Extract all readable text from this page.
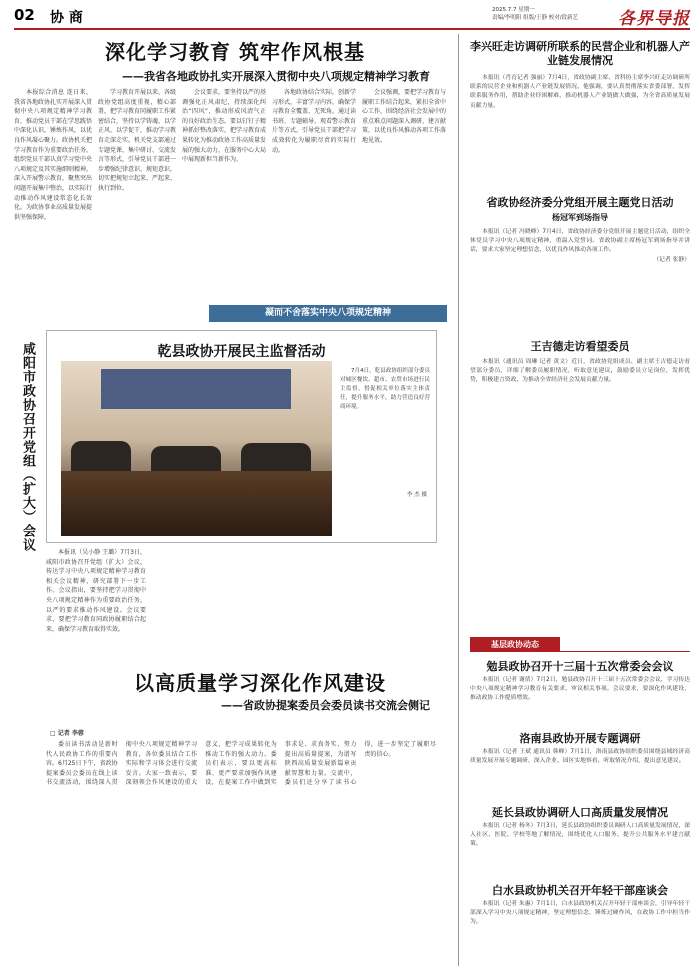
02 协 商	2025.7.7 星期一
责编/李明阳 组版/王静 校对/段新艺 各界导报
深化学习教育 筑牢作风根基
——我省各地政协扎实开展深入贯彻中央八项规定精神学习教育

本报综合消息 连日来，我省各地政协扎实开展深入贯彻中央八项规定精神学习教育，推动党员干部在学思践悟中深化认识，锤炼作风，以优良作风凝心聚力。政协机关把学习教育作为重要政治任务，组织党员干部认真学习党中央八项规定及其实施细则精神，深入开展警示教育，聚焦突出问题开展集中整治，以实际行动推动作风建设常态化长效化，为政协事业高质量发展提供坚强保障。

学习教育开展以来，各级政协党组高度重视，精心部署，把学习教育同履职工作紧密结合，坚持以学铸魂、以学正风、以学促干，推动学习教育走深走实。机关党支部通过专题党课、集中研讨、交流发言等形式，引导党员干部进一步增强纪律意识、规矩意识，切实把规矩立起来、严起来、执行到位。

会议要求，要坚持以严的基调强化正风肃纪，持续深化纠治“四风”，推动形成风清气正的良好政治生态。要以钉钉子精神抓好整改落实，把学习教育成果转化为推动政协工作高质量发展的强大动力，在服务中心大局中展现新担当新作为。

各地政协结合实际，创新学习形式，丰富学习内容，确保学习教育全覆盖、无死角。通过读书班、专题辅导、观看警示教育片等方式，引导党员干部把学习成效转化为履职尽责的实际行动。

会议强调，要把学习教育与履职工作结合起来，紧扣全省中心工作，围绕经济社会发展中的重点难点问题深入调研、建言献策，以优良作风推动各项工作落地见效。

凝而不舍落实中央八项规定精神
咸阳市政协召开党组（扩大）会议	乾县政协开展民主监督活动

7月4日，乾县政协组织部分委员对城区餐饮、超市、农贸市场进行民主监督，督促相关单位落实主体责任，提升服务水平，助力营造良好营商环境。

李 杰 摄

本报讯（吴小静 王璐）7月3日，咸阳市政协召开党组（扩大）会议，传达学习中央八项规定精神学习教育相关会议精神，研究部署下一步工作。会议指出，要坚持把学习贯彻中央八项规定精神作为重要政治任务，以严的要求推动作风建设。会议要求，要把学习教育同政协履职结合起来，确保学习教育取得实效。

以高质量学习深化作风建设
——省政协提案委员会委员读书交流会侧记
□ 记者 李蓉

委员读书活动是新时代人民政协工作的重要内容。6月25日下午，省政协提案委员会委员在线上读书交流活动，围绕深入贯彻中央八项规定精神学习教育，各位委员结合工作实际和学习体会进行交流发言。大家一致表示，要深刻领会作风建设的重大意义，把学习成果转化为推动工作的强大动力。委员们表示，要以更高标准、更严要求加强作风建设，在提案工作中做到实事求是、求真务实，努力提出高质量提案，为谱写陕西高质量发展新篇章贡献智慧和力量。交流中，委员们还分享了读书心得，进一步坚定了履职尽责的信心。

李兴旺走访调研所联系的民营企业和机器人产业链发展情况

本报讯（肖育记者 强丽）7月4日，省政协副主席、省科协主席李兴旺走访调研所联系的民营企业和机器人产业链发展情况。他强调，要认真贯彻落实省委部署，发挥联系服务作用，帮助企业纾困解难，推动机器人产业链做大做强，为全省高质量发展贡献力量。

省政协经济委分党组开展主题党日活动
杨冠军到场指导

本报讯（记者 冯晓峰）7月4日，省政协经济委分党组开展主题党日活动，组织全体党员学习中央八项规定精神，重温入党誓词。省政协副主席杨冠军到场指导并讲话，要求大家坚定理想信念，以优良作风推动各项工作。

（记者 张静）

王吉德走访看望委员

本报讯（通讯员 周琳 记者 黄文）近日，省政协党组成员、副主席王吉德走访看望部分委员，详细了解委员履职情况，听取意见建议，鼓励委员立足岗位，发挥优势，积极建言资政，为推动全省经济社会发展贡献力量。

基层政协动态
勉县政协召开十三届十五次常委会会议

本报讯（记者 谢倩）7月2日，勉县政协召开十三届十五次常委会会议，学习传达中央八项规定精神学习教育有关要求，审议相关事项。会议要求，要深化作风建设，推动政协工作提质增效。

洛南县政协开展专题调研

本报讯（记者 王斌 通讯员 韩峰）7月1日，洛南县政协组织委员围绕县域经济高质量发展开展专题调研，深入企业、园区实地察看，听取情况介绍，提出意见建议。

延长县政协调研人口高质量发展情况

本报讯（记者 杨冬）7月3日，延长县政协组织委员调研人口高质量发展情况，深入社区、医院、学校等地了解情况，围绕优化人口服务、提升公共服务水平建言献策。

白水县政协机关召开年轻干部座谈会

本报讯（记者 朱惠）7月1日，白水县政协机关召开年轻干部座谈会，引导年轻干部深入学习中央八项规定精神，坚定理想信念，锤炼过硬作风，在政协工作中担当作为。
